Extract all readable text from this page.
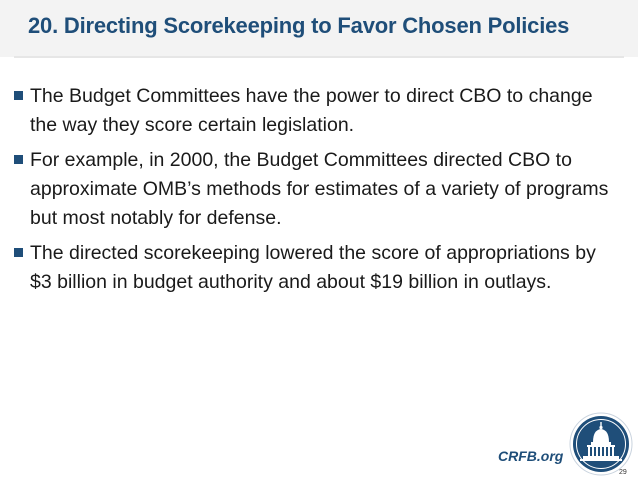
20. Directing Scorekeeping to Favor Chosen Policies
The Budget Committees have the power to direct CBO to change the way they score certain legislation.
For example, in 2000, the Budget Committees directed CBO to approximate OMB’s methods for estimates of a variety of programs but most notably for defense.
The directed scorekeeping lowered the score of appropriations by $3 billion in budget authority and about $19 billion in outlays.
CRFB.org
29
